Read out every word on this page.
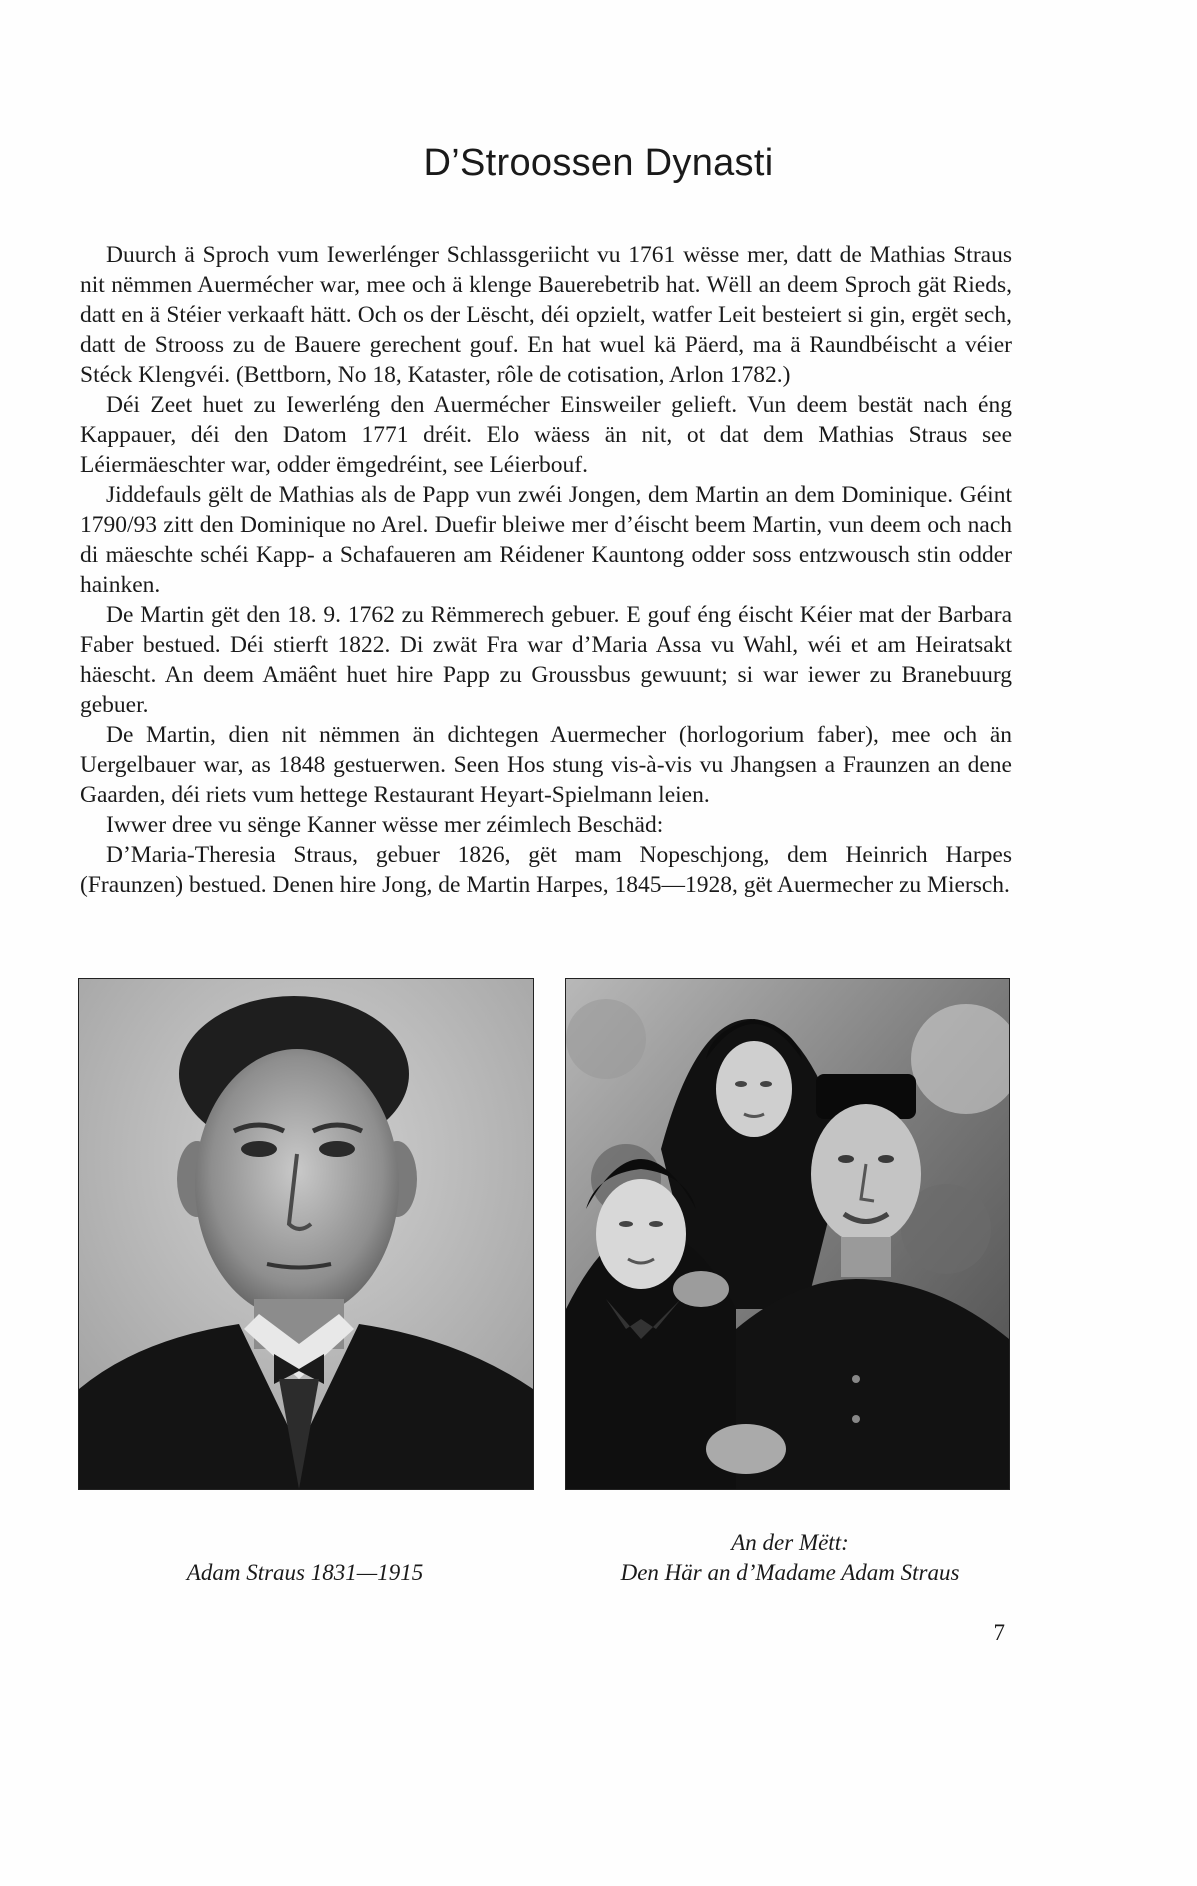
D’Stroossen Dynasti

Duurch ä Sproch vum Iewerlénger Schlassgeriicht vu 1761 wësse mer, datt de Mathias Straus nit nëmmen Auermécher war, mee och ä klenge Bauerebetrib hat. Wëll an deem Sproch gät Rieds, datt en ä Stéier verkaaft hätt. Och os der Lëscht, déi opzielt, watfer Leit besteiert si gin, ergët sech, datt de Strooss zu de Bauere gerechent gouf. En hat wuel kä Päerd, ma ä Raundbéischt a véier Stéck Klengvéi. (Bettborn, No 18, Kataster, rôle de cotisation, Arlon 1782.)

Déi Zeet huet zu Iewerléng den Auermécher Einsweiler gelieft. Vun deem bestät nach éng Kappauer, déi den Datom 1771 dréit. Elo wäess än nit, ot dat dem Mathias Straus see Léiermäeschter war, odder ëmgedréint, see Léierbouf.

Jiddefauls gëlt de Mathias als de Papp vun zwéi Jongen, dem Martin an dem Dominique. Géint 1790/93 zitt den Dominique no Arel. Duefir bleiwe mer d’éischt beem Martin, vun deem och nach di mäeschte schéi Kapp- a Schafaueren am Réidener Kauntong odder soss entzwousch stin odder hainken.

De Martin gët den 18. 9. 1762 zu Rëmmerech gebuer. E gouf éng éischt Kéier mat der Barbara Faber bestued. Déi stierft 1822. Di zwät Fra war d’Maria Assa vu Wahl, wéi et am Heiratsakt häescht. An deem Amäênt huet hire Papp zu Groussbus gewuunt; si war iewer zu Branebuurg gebuer.

De Martin, dien nit nëmmen än dichtegen Auermecher (horlogorium faber), mee och än Uergelbauer war, as 1848 gestuerwen. Seen Hos stung vis-à-vis vu Jhangsen a Fraunzen an dene Gaarden, déi riets vum hettege Restaurant Heyart-Spielmann leien.

Iwwer dree vu sënge Kanner wësse mer zéimlech Beschäd:

D’Maria-Theresia Straus, gebuer 1826, gët mam Nopeschjong, dem Heinrich Harpes (Fraunzen) bestued. Denen hire Jong, de Martin Harpes, 1845—1928, gët Auermecher zu Miersch.

Adam Straus 1831—1915
An der Mëtt:
Den Här an d’Madame Adam Straus
7
